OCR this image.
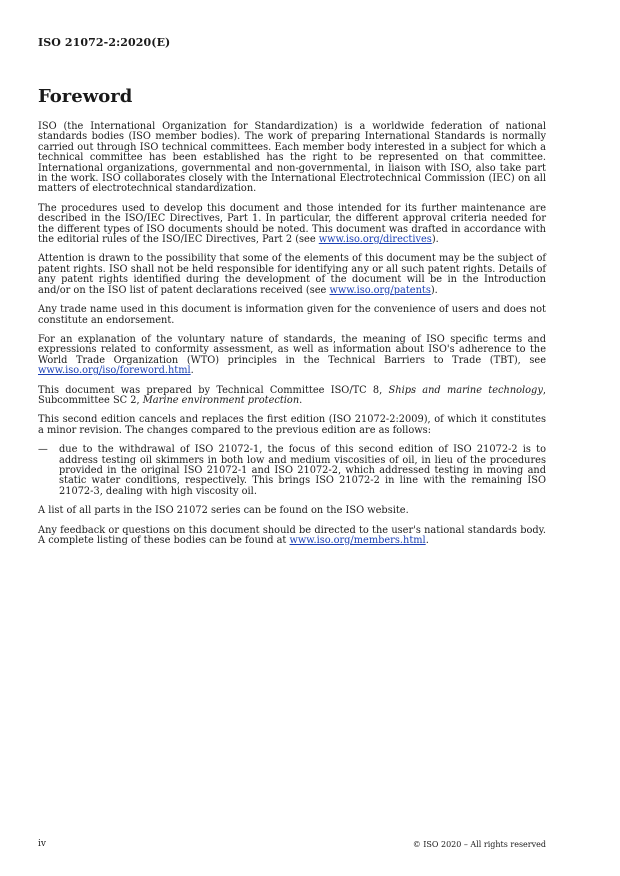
ISO 21072-2:2020(E)
Foreword

ISO (the International Organization for Standardization) is a worldwide federation of national standards bodies (ISO member bodies). The work of preparing International Standards is normally carried out through ISO technical committees. Each member body interested in a subject for which a technical committee has been established has the right to be represented on that committee. International organizations, governmental and non-governmental, in liaison with ISO, also take part in the work. ISO collaborates closely with the International Electrotechnical Commission (IEC) on all matters of electrotechnical standardization.

The procedures used to develop this document and those intended for its further maintenance are described in the ISO/IEC Directives, Part 1. In particular, the different approval criteria needed for the different types of ISO documents should be noted. This document was drafted in accordance with the editorial rules of the ISO/IEC Directives, Part 2 (see www.iso.org/directives).

Attention is drawn to the possibility that some of the elements of this document may be the subject of patent rights. ISO shall not be held responsible for identifying any or all such patent rights. Details of any patent rights identified during the development of the document will be in the Introduction and/or on the ISO list of patent declarations received (see www.iso.org/patents).

Any trade name used in this document is information given for the convenience of users and does not constitute an endorsement.

For an explanation of the voluntary nature of standards, the meaning of ISO specific terms and expressions related to conformity assessment, as well as information about ISO's adherence to the World Trade Organization (WTO) principles in the Technical Barriers to Trade (TBT), see www.iso.org/iso/foreword.html.

This document was prepared by Technical Committee ISO/TC 8, Ships and marine technology, Subcommittee SC 2, Marine environment protection.

This second edition cancels and replaces the first edition (ISO 21072-2:2009), of which it constitutes a minor revision. The changes compared to the previous edition are as follows:

—	due to the withdrawal of ISO 21072-1, the focus of this second edition of ISO 21072-2 is to address testing oil skimmers in both low and medium viscosities of oil, in lieu of the procedures provided in the original ISO 21072-1 and ISO 21072-2, which addressed testing in moving and static water conditions, respectively. This brings ISO 21072-2 in line with the remaining ISO 21072-3, dealing with high viscosity oil.

A list of all parts in the ISO 21072 series can be found on the ISO website.

Any feedback or questions on this document should be directed to the user's national standards body. A complete listing of these bodies can be found at www.iso.org/members.html.

iv	© ISO 2020 – All rights reserved
